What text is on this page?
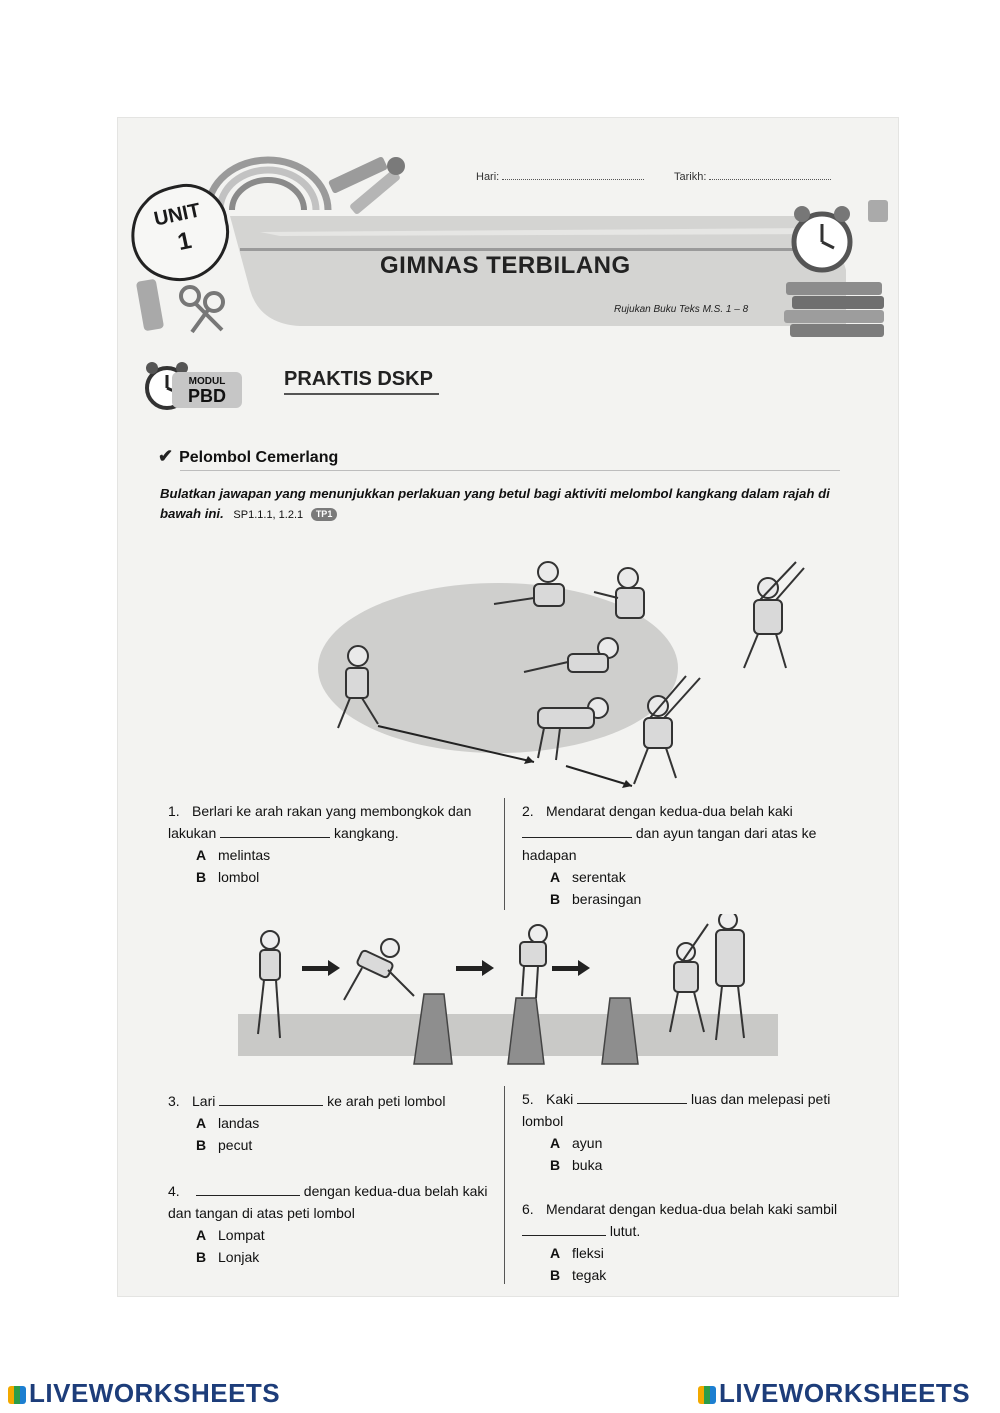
Hari:	Tarikh:
UNIT
1
GIMNAS TERBILANG
Rujukan Buku Teks M.S. 1 – 8
MODUL
PBD
PRAKTIS DSKP
✔ Pelombol Cemerlang
Bulatkan jawapan yang menunjukkan perlakuan yang betul bagi aktiviti melombol kangkang dalam rajah di bawah ini. SP1.1.1, 1.2.1 TP1
1. Berlari ke arah rakan yang membongkok dan lakukan	kangkang.
A melintas
B lombol
2. Mendarat dengan kedua-dua belah kaki  dan ayun tangan dari atas ke hadapan
A serentak
B berasingan
3. Lari	ke arah peti lombol
A landas
B pecut
4.	dengan kedua-dua belah kaki dan tangan di atas peti lombol
A Lompat
B Lonjak
5. Kaki	luas dan melepasi peti lombol
A ayun
B buka
6. Mendarat dengan kedua-dua belah kaki sambil  lutut.
A fleksi
B tegak
LIVEWORKSHEETS	LIVEWORKSHEETS
